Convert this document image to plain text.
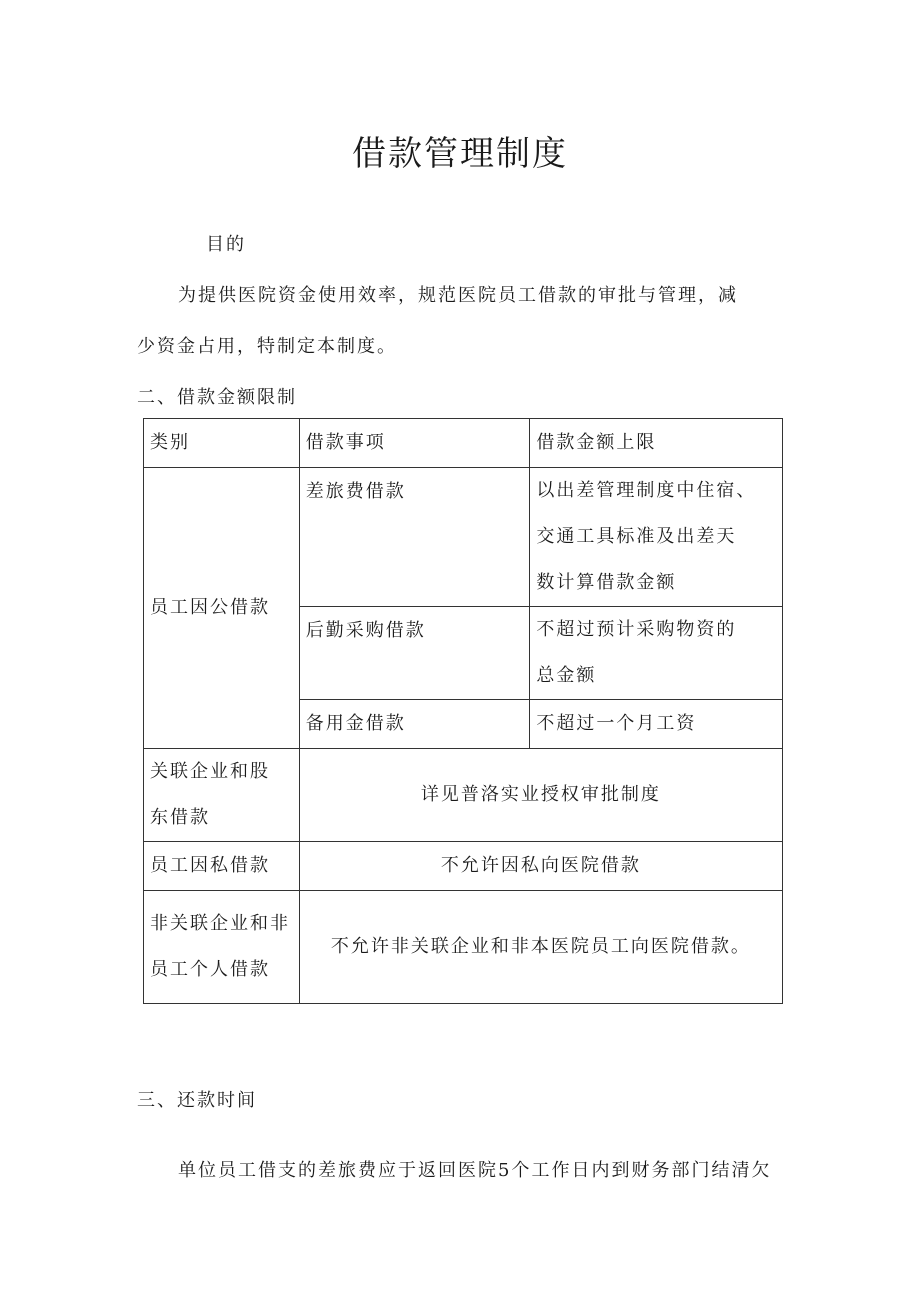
借款管理制度
目的
为提供医院资金使用效率，规范医院员工借款的审批与管理，减
少资金占用，特制定本制度。
二、借款金额限制
类别	借款事项	借款金额上限
员工因公借款	差旅费借款	以出差管理制度中住宿、
交通工具标准及出差天
数计算借款金额

	后勤采购借款	不超过预计采购物资的
总金额

	备用金借款	不超过一个月工资

关联企业和股
东借款	详见普洛实业授权审批制度	
员工因私借款	不允许因私向医院借款	

非关联企业和非
员工个人借款	不允许非关联企业和非本医院员工向医院借款。	
三、还款时间
单位员工借支的差旅费应于返回医院5个工作日内到财务部门结清欠
